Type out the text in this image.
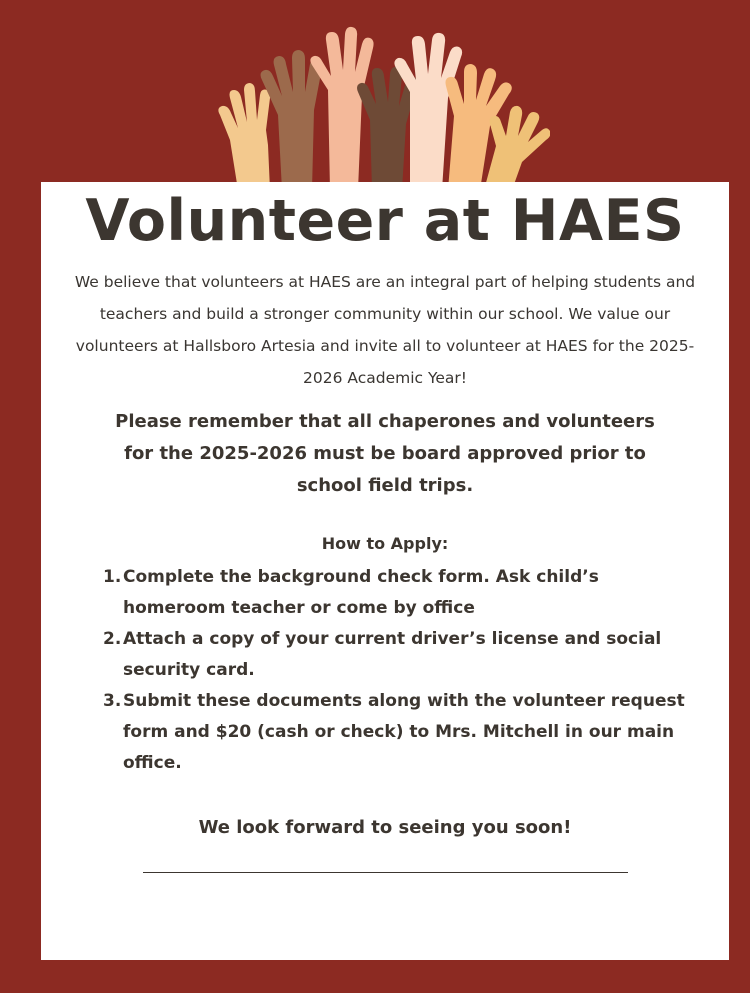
Volunteer at HAES
We believe that volunteers at HAES are an integral part of helping students and teachers and build a stronger community within our school. We value our volunteers at Hallsboro Artesia and invite all to volunteer at HAES for the 2025-2026 Academic Year!
Please remember that all chaperones and volunteers for the 2025-2026 must be board approved prior to school field trips.
How to Apply:
1. Complete the background check form. Ask child’s homeroom teacher or come by office
2. Attach a copy of your current driver’s license and social security card.
3. Submit these documents along with the volunteer request form and $20 (cash or check) to Mrs. Mitchell in our main office.
We look forward to seeing you soon!
